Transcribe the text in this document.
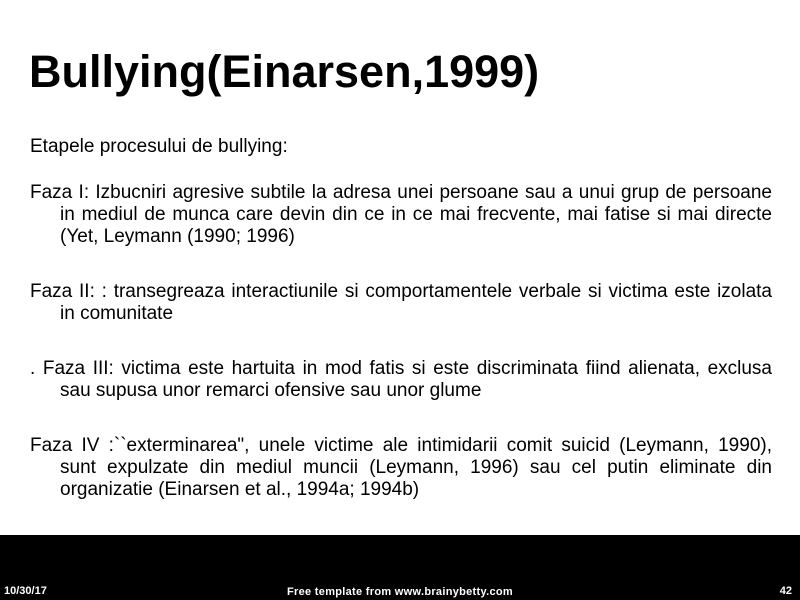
Bullying(Einarsen,1999)

Etapele procesului de bullying:

Faza I: Izbucniri agresive subtile la adresa unei persoane sau a unui grup de persoane in mediul de munca care devin din ce in ce mai frecvente, mai fatise si mai directe (Yet, Leymann (1990; 1996)

Faza II: : transegreaza interactiunile si comportamentele verbale si victima este izolata in comunitate

. Faza III: victima este hartuita in mod fatis si este discriminata fiind alienata, exclusa sau supusa unor remarci ofensive sau unor glume

Faza IV :``exterminarea", unele victime ale intimidarii comit suicid (Leymann, 1990), sunt expulzate din mediul muncii (Leymann, 1996) sau cel putin eliminate din organizatie (Einarsen et al., 1994a; 1994b)

10/30/17	Free template from www.brainybetty.com	42
